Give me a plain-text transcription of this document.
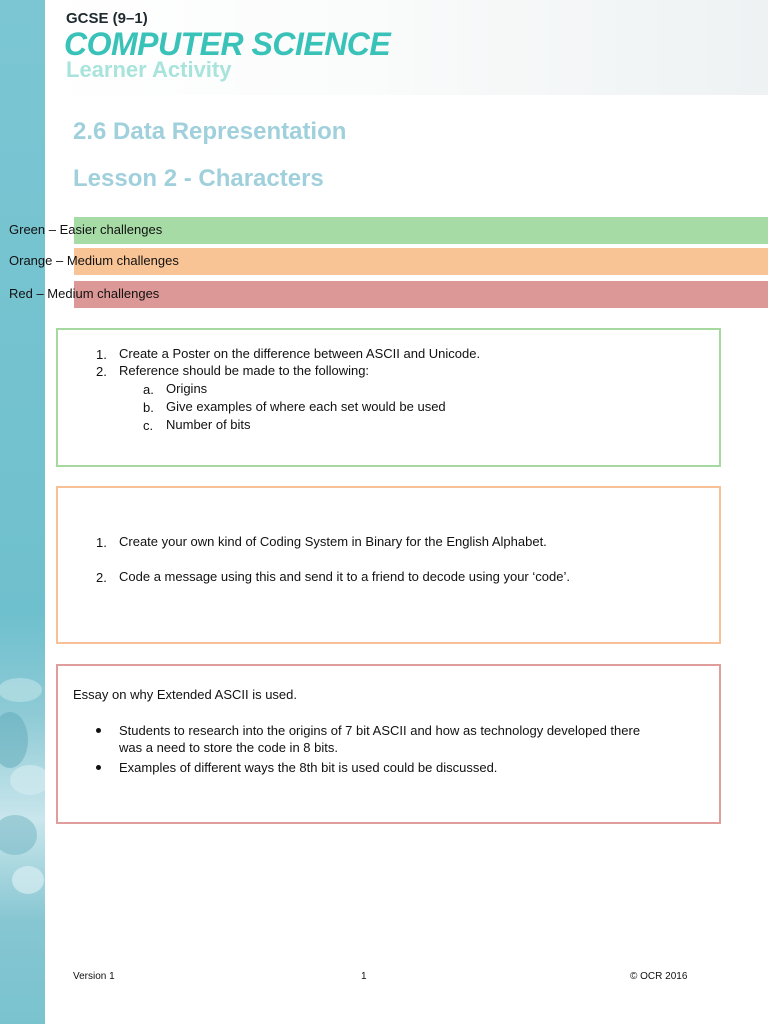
GCSE (9–1)
COMPUTER SCIENCE
Learner Activity
2.6 Data Representation
Lesson 2 - Characters
Green – Easier challenges
Orange – Medium challenges
Red – Medium challenges
1. Create a Poster on the difference between ASCII and Unicode.
2. Reference should be made to the following:
a. Origins
b. Give examples of where each set would be used
c. Number of bits
1. Create your own kind of Coding System in Binary for the English Alphabet.
2. Code a message using this and send it to a friend to decode using your ‘code’.
Essay on why Extended ASCII is used.
Students to research into the origins of 7 bit ASCII and how as technology developed there
was a need to store the code in 8 bits.
Examples of different ways the 8th bit is used could be discussed.
Version 1	1	© OCR 2016
